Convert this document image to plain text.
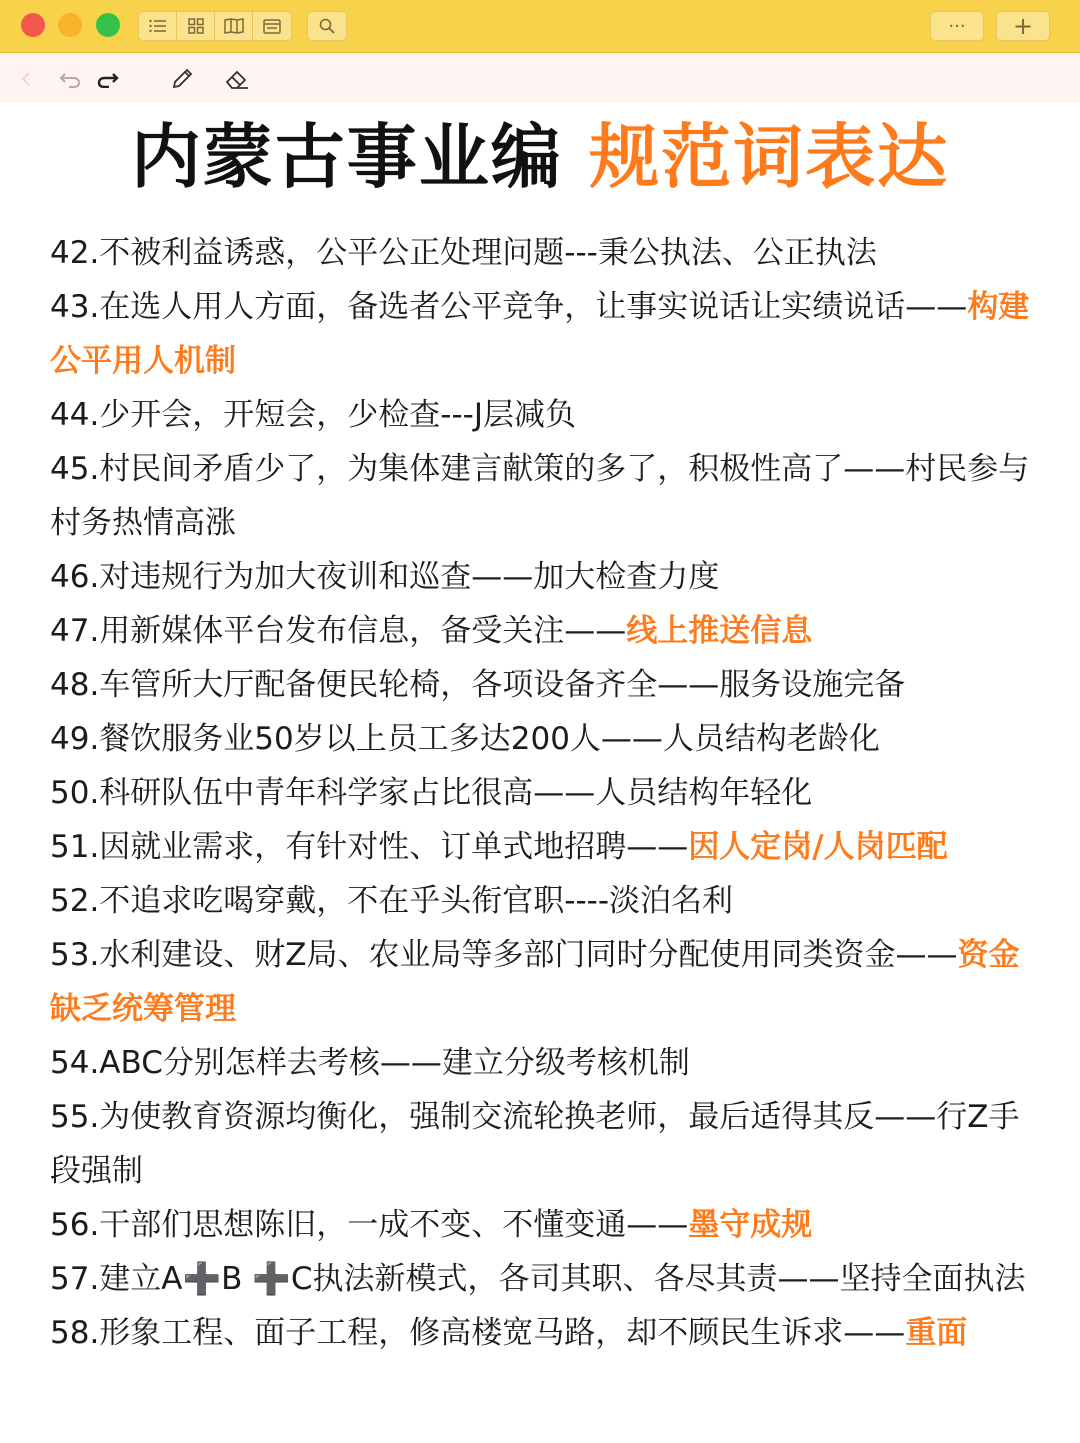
··· +
内蒙古事业编 规范词表达

42.不被利益诱惑，公平公正处理问题---秉公执法、公正执法

43.在选人用人方面，备选者公平竞争，让事实说话让实绩说话——构建公平用人机制

44.少开会，开短会，少检查---J层减负

45.村民间矛盾少了，为集体建言献策的多了，积极性高了——村民参与村务热情高涨

46.对违规行为加大夜训和巡查——加大检查力度

47.用新媒体平台发布信息，备受关注——线上推送信息

48.车管所大厅配备便民轮椅，各项设备齐全——服务设施完备

49.餐饮服务业50岁以上员工多达200人——人员结构老龄化

50.科研队伍中青年科学家占比很高——人员结构年轻化

51.因就业需求，有针对性、订单式地招聘——因人定岗/人岗匹配

52.不追求吃喝穿戴，不在乎头衔官职----淡泊名利

53.水利建设、财Z局、农业局等多部门同时分配使用同类资金——资金缺乏统筹管理

54.ABC分别怎样去考核——建立分级考核机制

55.为使教育资源均衡化，强制交流轮换老师，最后适得其反——行Z手段强制

56.干部们思想陈旧，一成不变、不懂变通——墨守成规

57.建立A➕B ➕C执法新模式，各司其职、各尽其责——坚持全面执法

58.形象工程、面子工程，修高楼宽马路，却不顾民生诉求——重面
